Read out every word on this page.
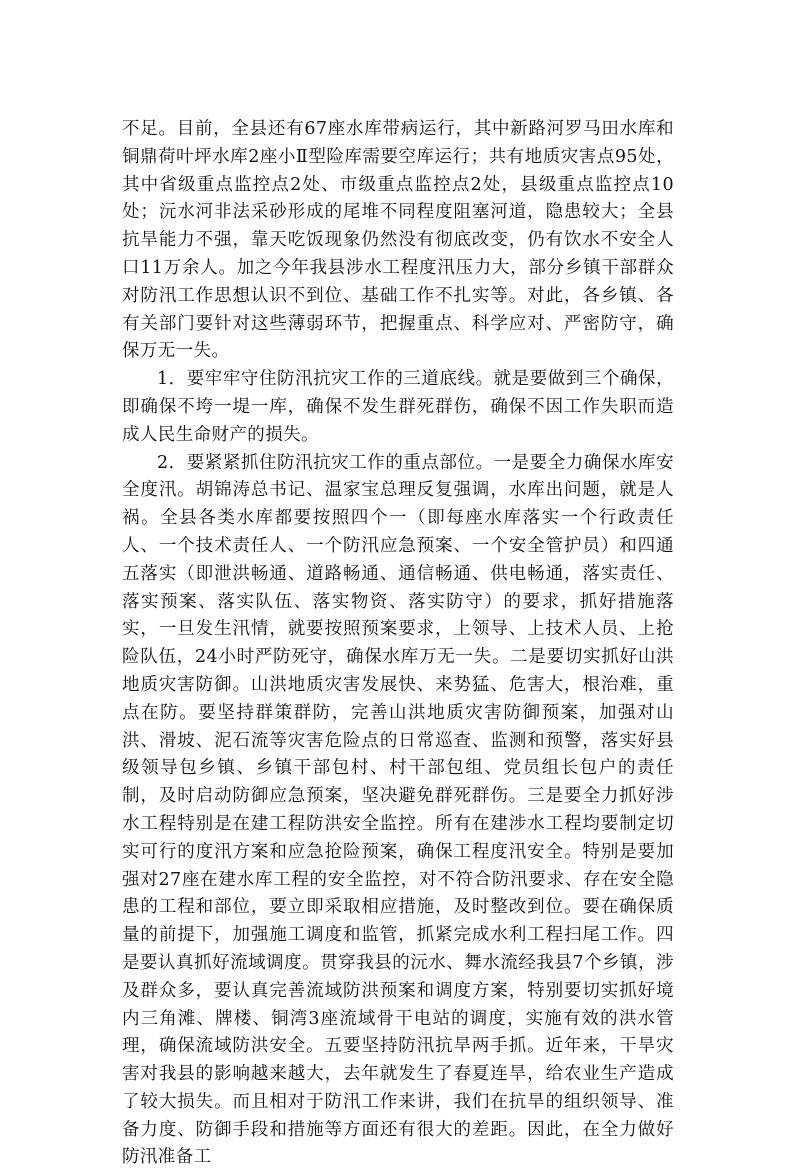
不足。目前，全县还有67座水库带病运行，其中新路河罗马田水库和铜鼎荷叶坪水库2座小Ⅱ型险库需要空库运行；共有地质灾害点95处，其中省级重点监控点2处、市级重点监控点2处，县级重点监控点10处；沅水河非法采砂形成的尾堆不同程度阻塞河道，隐患较大；全县抗旱能力不强，靠天吃饭现象仍然没有彻底改变，仍有饮水不安全人口11万余人。加之今年我县涉水工程度汛压力大，部分乡镇干部群众对防汛工作思想认识不到位、基础工作不扎实等。对此，各乡镇、各有关部门要针对这些薄弱环节，把握重点、科学应对、严密防守，确保万无一失。

1．要牢牢守住防汛抗灾工作的三道底线。就是要做到三个确保，即确保不垮一堤一库，确保不发生群死群伤，确保不因工作失职而造成人民生命财产的损失。

2．要紧紧抓住防汛抗灾工作的重点部位。一是要全力确保水库安全度汛。胡锦涛总书记、温家宝总理反复强调，水库出问题，就是人祸。全县各类水库都要按照四个一（即每座水库落实一个行政责任人、一个技术责任人、一个防汛应急预案、一个安全管护员）和四通五落实（即泄洪畅通、道路畅通、通信畅通、供电畅通，落实责任、落实预案、落实队伍、落实物资、落实防守）的要求，抓好措施落实，一旦发生汛情，就要按照预案要求，上领导、上技术人员、上抢险队伍，24小时严防死守，确保水库万无一失。二是要切实抓好山洪地质灾害防御。山洪地质灾害发展快、来势猛、危害大，根治难，重点在防。要坚持群策群防，完善山洪地质灾害防御预案，加强对山洪、滑坡、泥石流等灾害危险点的日常巡查、监测和预警，落实好县级领导包乡镇、乡镇干部包村、村干部包组、党员组长包户的责任制，及时启动防御应急预案，坚决避免群死群伤。三是要全力抓好涉水工程特别是在建工程防洪安全监控。所有在建涉水工程均要制定切实可行的度汛方案和应急抢险预案，确保工程度汛安全。特别是要加强对27座在建水库工程的安全监控，对不符合防汛要求、存在安全隐患的工程和部位，要立即采取相应措施，及时整改到位。要在确保质量的前提下，加强施工调度和监管，抓紧完成水利工程扫尾工作。四是要认真抓好流域调度。贯穿我县的沅水、舞水流经我县7个乡镇，涉及群众多，要认真完善流域防洪预案和调度方案，特别要切实抓好境内三角滩、牌楼、铜湾3座流域骨干电站的调度，实施有效的洪水管理，确保流域防洪安全。五要坚持防汛抗旱两手抓。近年来，干旱灾害对我县的影响越来越大，去年就发生了春夏连旱，给农业生产造成了较大损失。而且相对于防汛工作来讲，我们在抗旱的组织领导、准备力度、防御手段和措施等方面还有很大的差距。因此，在全力做好防汛准备工
